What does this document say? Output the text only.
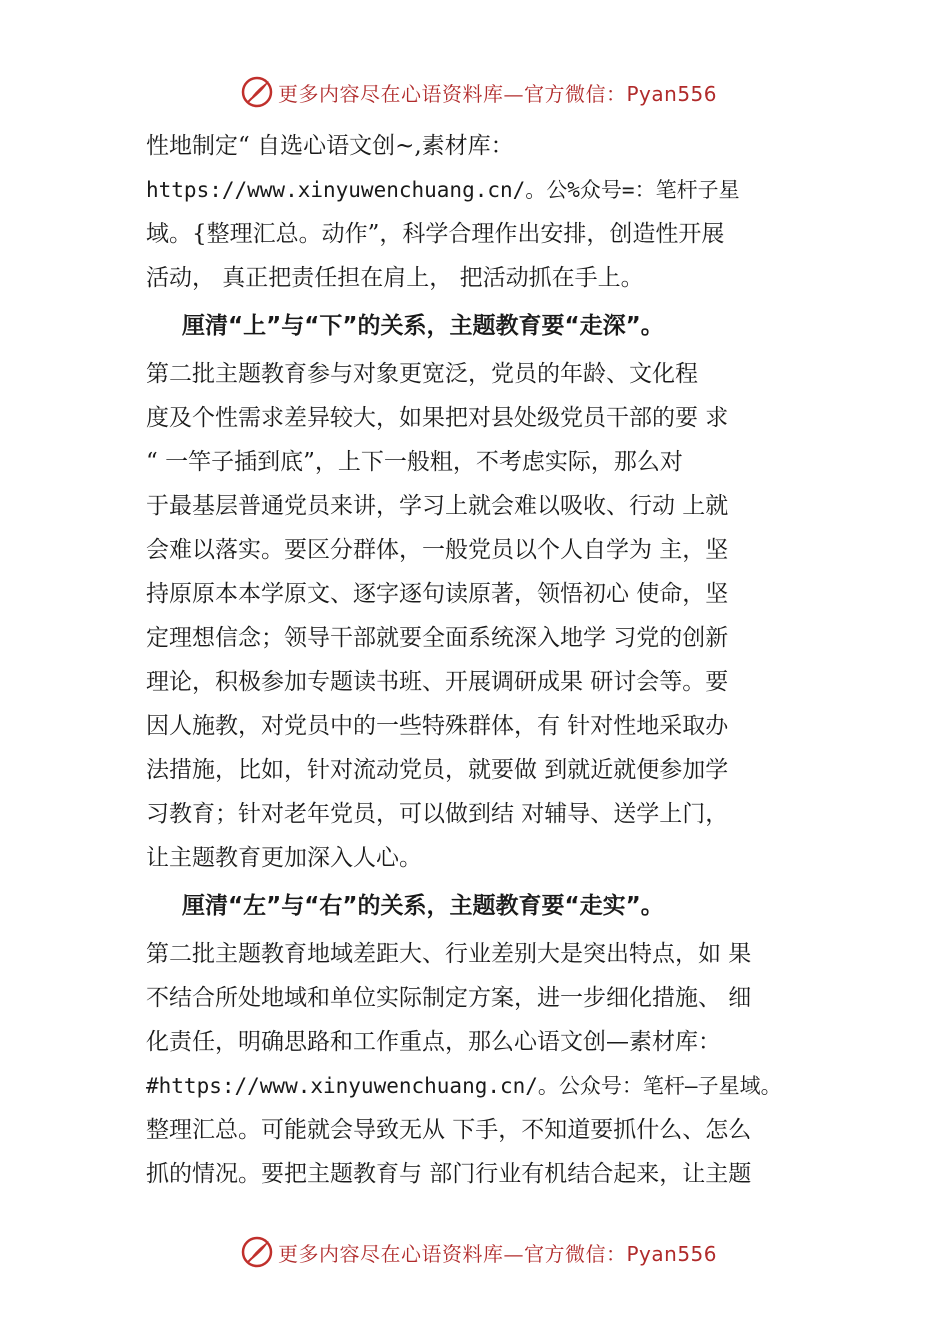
更多内容尽在心语资料库—官方微信：Pyan556
性地制定“ 自选心语文创~,素材库：
https://www.xinyuwenchuang.cn/。公%众号=：笔杆子星
域。{整理汇总。动作”，科学合理作出安排，创造性开展
活动， 真正把责任担在肩上， 把活动抓在手上。
厘清“上”与“下”的关系，主题教育要“走深”。
第二批主题教育参与对象更宽泛，党员的年龄、文化程
度及个性需求差异较大，如果把对县处级党员干部的要 求
“ 一竿子插到底”，上下一般粗，不考虑实际，那么对
于最基层普通党员来讲，学习上就会难以吸收、行动 上就
会难以落实。要区分群体，一般党员以个人自学为 主，坚
持原原本本学原文、逐字逐句读原著，领悟初心 使命，坚
定理想信念；领导干部就要全面系统深入地学 习党的创新
理论，积极参加专题读书班、开展调研成果 研讨会等。要
因人施教，对党员中的一些特殊群体，有 针对性地采取办
法措施，比如，针对流动党员，就要做 到就近就便参加学
习教育；针对老年党员，可以做到结 对辅导、送学上门，
让主题教育更加深入人心。
厘清“左”与“右”的关系，主题教育要“走实”。
第二批主题教育地域差距大、行业差别大是突出特点，如 果
不结合所处地域和单位实际制定方案，进一步细化措施、 细
化责任，明确思路和工作重点，那么心语文创—素材库：
#https://www.xinyuwenchuang.cn/。公众号：笔杆—子星域。
整理汇总。可能就会导致无从 下手，不知道要抓什么、怎么
抓的情况。要把主题教育与 部门行业有机结合起来，让主题
更多内容尽在心语资料库—官方微信：Pyan556
